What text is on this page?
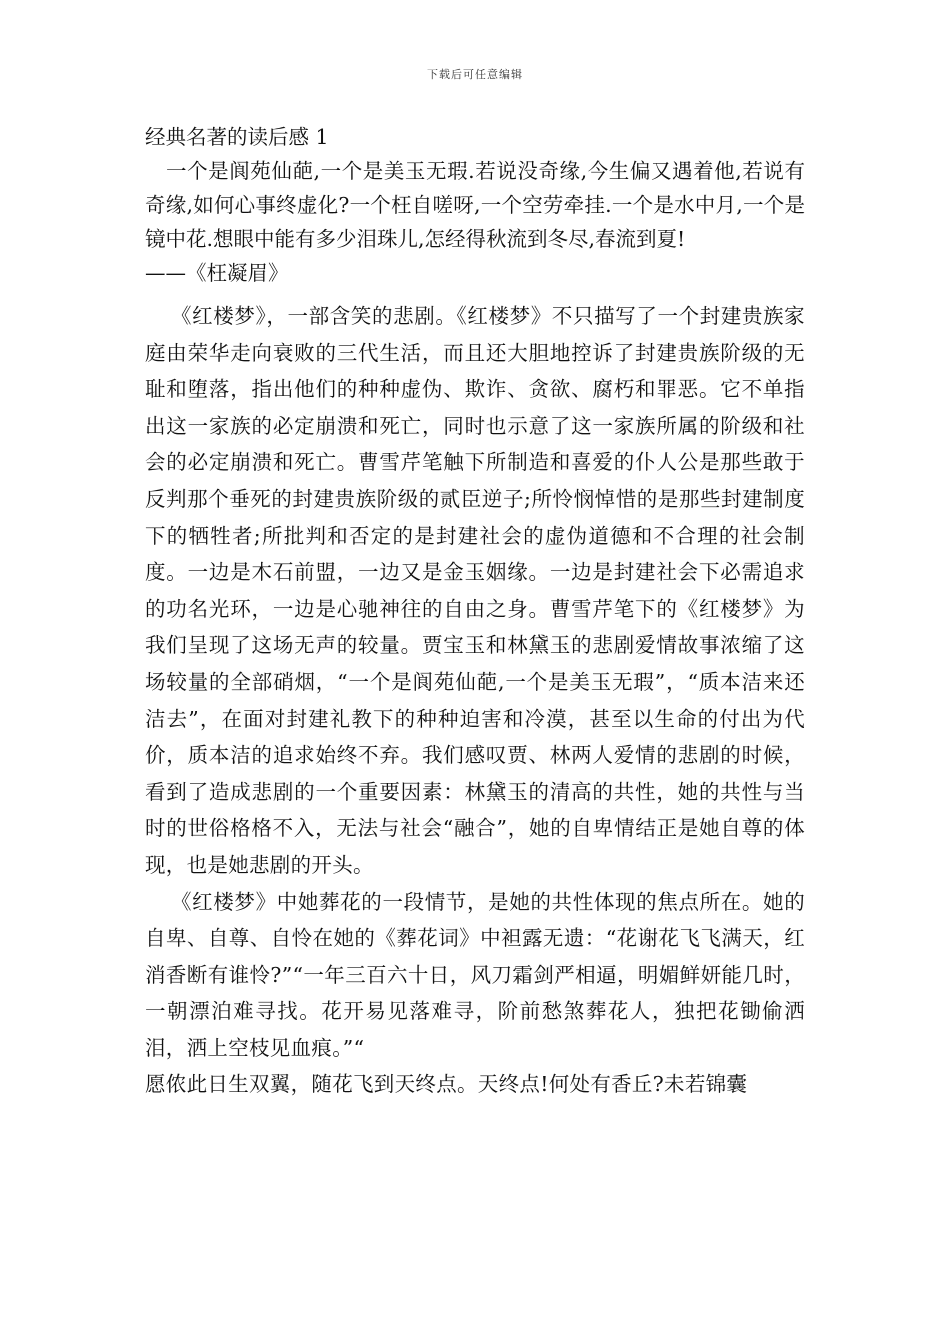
下载后可任意编辑

经典名著的读后感 1

一个是阆苑仙葩,一个是美玉无瑕.若说没奇缘,今生偏又遇着他,若说有奇缘,如何心事终虚化?一个枉自嗟呀,一个空劳牵挂.一个是水中月,一个是镜中花.想眼中能有多少泪珠儿,怎经得秋流到冬尽,春流到夏!

——《枉凝眉》

《红楼梦》，一部含笑的悲剧。《红楼梦》不只描写了一个封建贵族家庭由荣华走向衰败的三代生活，而且还大胆地控诉了封建贵族阶级的无耻和堕落，指出他们的种种虚伪、欺诈、贪欲、腐朽和罪恶。它不单指出这一家族的必定崩溃和死亡，同时也示意了这一家族所属的阶级和社会的必定崩溃和死亡。曹雪芹笔触下所制造和喜爱的仆人公是那些敢于反判那个垂死的封建贵族阶级的贰臣逆子;所怜悯悼惜的是那些封建制度下的牺牲者;所批判和否定的是封建社会的虚伪道德和不合理的社会制度。一边是木石前盟，一边又是金玉姻缘。一边是封建社会下必需追求的功名光环，一边是心驰神往的自由之身。曹雪芹笔下的《红楼梦》为我们呈现了这场无声的较量。贾宝玉和林黛玉的悲剧爱情故事浓缩了这场较量的全部硝烟，“一个是阆苑仙葩,一个是美玉无瑕”，“质本洁来还洁去”，在面对封建礼教下的种种迫害和冷漠，甚至以生命的付出为代价，质本洁的追求始终不弃。我们感叹贾、林两人爱情的悲剧的时候，看到了造成悲剧的一个重要因素：林黛玉的清高的共性，她的共性与当时的世俗格格不入，无法与社会“融合”，她的自卑情结正是她自尊的体现，也是她悲剧的开头。

《红楼梦》中她葬花的一段情节，是她的共性体现的焦点所在。她的自卑、自尊、自怜在她的《葬花词》中袒露无遗：“花谢花飞飞满天，红消香断有谁怜?”“一年三百六十日，风刀霜剑严相逼，明媚鲜妍能几时，一朝漂泊难寻找。花开易见落难寻，阶前愁煞葬花人，独把花锄偷洒泪，洒上空枝见血痕。”“

愿侬此日生双翼，随花飞到天终点。天终点!何处有香丘?未若锦囊
